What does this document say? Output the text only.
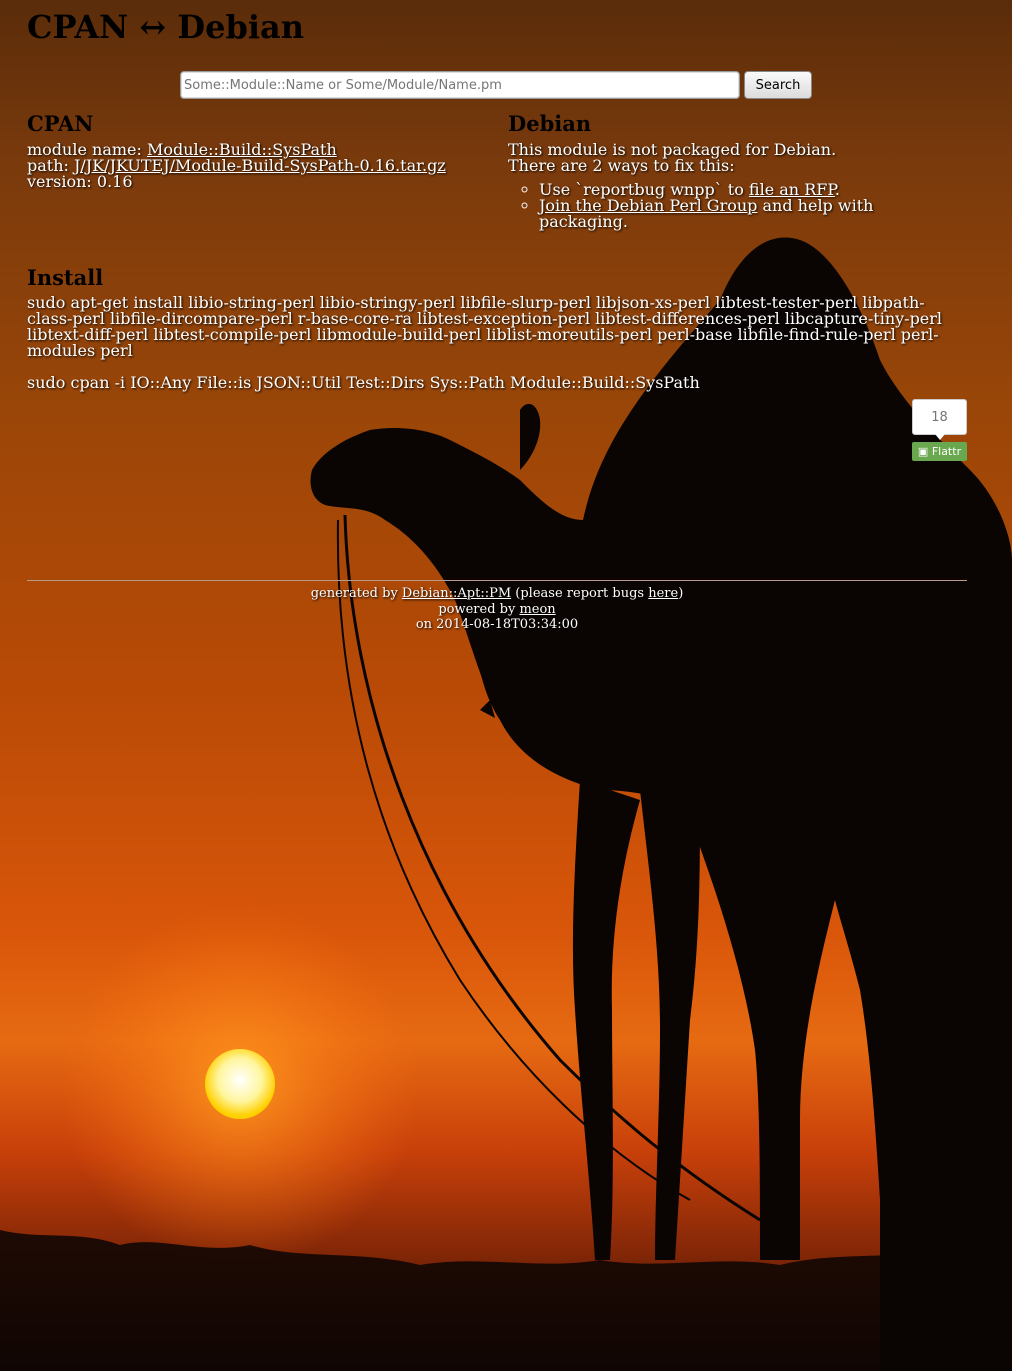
CPAN ↔ Debian
Some::Module::Name or Some/Module/Name.pm
Search
CPAN
module name: Module::Build::SysPath
path: J/JK/JKUTEJ/Module-Build-SysPath-0.16.tar.gz
version: 0.16
Debian
This module is not packaged for Debian.
There are 2 ways to fix this:
◦ Use `reportbug wnpp` to file an RFP.
◦ Join the Debian Perl Group and help with packaging.
Install

sudo apt-get install libio-string-perl libio-stringy-perl libfile-slurp-perl libjson-xs-perl libtest-tester-perl libpath-class-perl libfile-dircompare-perl r-base-core-ra libtest-exception-perl libtest-differences-perl libcapture-tiny-perl libtext-diff-perl libtest-compile-perl libmodule-build-perl liblist-moreutils-perl perl-base libfile-find-rule-perl perl-modules perl

sudo cpan -i IO::Any File::is JSON::Util Test::Dirs Sys::Path Module::Build::SysPath

18
▣ Flattr
generated by Debian::Apt::PM (please report bugs here)
powered by meon
on 2014-08-18T03:34:00
